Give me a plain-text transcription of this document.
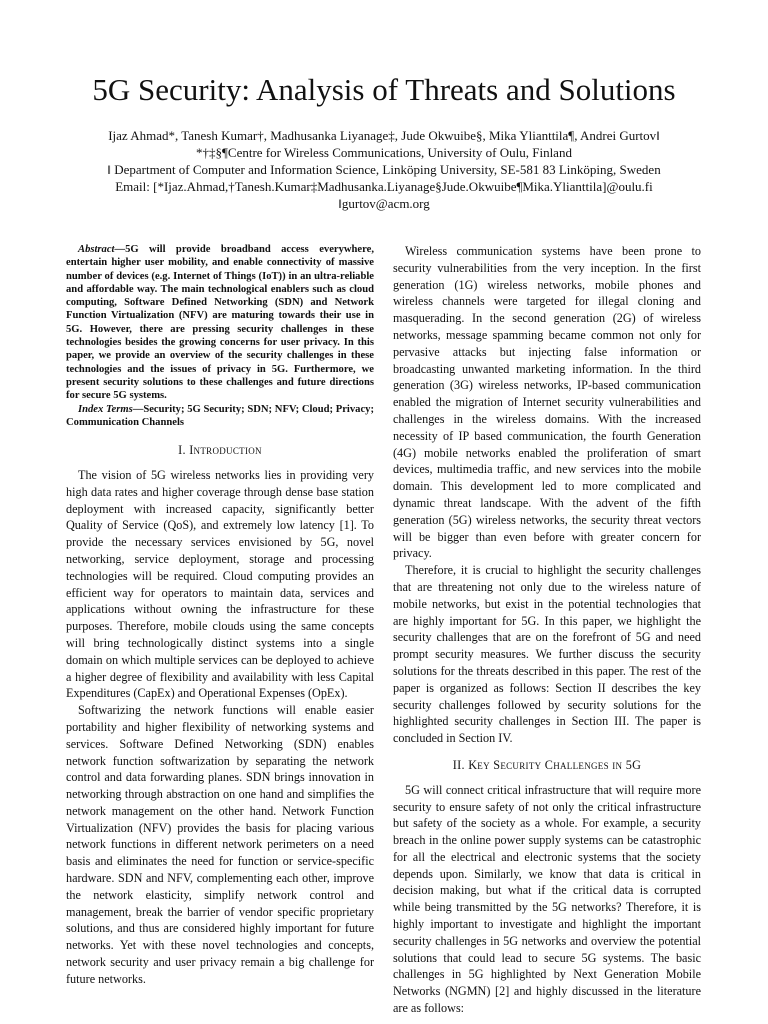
5G Security: Analysis of Threats and Solutions
Ijaz Ahmad*, Tanesh Kumar†, Madhusanka Liyanage‡, Jude Okwuibe§, Mika Ylianttila¶, Andrei Gurtov‖
*†‡§¶Centre for Wireless Communications, University of Oulu, Finland
‖ Department of Computer and Information Science, Linköping University, SE-581 83 Linköping, Sweden
Email: [*Ijaz.Ahmad,†Tanesh.Kumar‡Madhusanka.Liyanage§Jude.Okwuibe¶Mika.Ylianttila]@oulu.fi
‖gurtov@acm.org

Abstract—5G will provide broadband access everywhere, entertain higher user mobility, and enable connectivity of massive number of devices (e.g. Internet of Things (IoT)) in an ultra-reliable and affordable way. The main technological enablers such as cloud computing, Software Defined Networking (SDN) and Network Function Virtualization (NFV) are maturing towards their use in 5G. However, there are pressing security challenges in these technologies besides the growing concerns for user privacy. In this paper, we provide an overview of the security challenges in these technologies and the issues of privacy in 5G. Furthermore, we present security solutions to these challenges and future directions for secure 5G systems.

Index Terms—Security; 5G Security; SDN; NFV; Cloud; Privacy; Communication Channels

I. Introduction

The vision of 5G wireless networks lies in providing very high data rates and higher coverage through dense base station deployment with increased capacity, significantly better Quality of Service (QoS), and extremely low latency [1]. To provide the necessary services envisioned by 5G, novel networking, service deployment, storage and processing technologies will be required. Cloud computing provides an efficient way for operators to maintain data, services and applications without owning the infrastructure for these purposes. Therefore, mobile clouds using the same concepts will bring technologically distinct systems into a single domain on which multiple services can be deployed to achieve a higher degree of flexibility and availability with less Capital Expenditures (CapEx) and Operational Expenses (OpEx).

Softwarizing the network functions will enable easier portability and higher flexibility of networking systems and services. Software Defined Networking (SDN) enables network function softwarization by separating the network control and data forwarding planes. SDN brings innovation in networking through abstraction on one hand and simplifies the network management on the other hand. Network Function Virtualization (NFV) provides the basis for placing various network functions in different network perimeters on a need basis and eliminates the need for function or service-specific hardware. SDN and NFV, complementing each other, improve the network elasticity, simplify network control and management, break the barrier of vendor specific proprietary solutions, and thus are considered highly important for future networks. Yet with these novel technologies and concepts, network security and user privacy remain a big challenge for future networks.

Wireless communication systems have been prone to security vulnerabilities from the very inception. In the first generation (1G) wireless networks, mobile phones and wireless channels were targeted for illegal cloning and masquerading. In the second generation (2G) of wireless networks, message spamming became common not only for pervasive attacks but injecting false information or broadcasting unwanted marketing information. In the third generation (3G) wireless networks, IP-based communication enabled the migration of Internet security vulnerabilities and challenges in the wireless domains. With the increased necessity of IP based communication, the fourth Generation (4G) mobile networks enabled the proliferation of smart devices, multimedia traffic, and new services into the mobile domain. This development led to more complicated and dynamic threat landscape. With the advent of the fifth generation (5G) wireless networks, the security threat vectors will be bigger than even before with greater concern for privacy.

Therefore, it is crucial to highlight the security challenges that are threatening not only due to the wireless nature of mobile networks, but exist in the potential technologies that are highly important for 5G. In this paper, we highlight the security challenges that are on the forefront of 5G and need prompt security measures. We further discuss the security solutions for the threats described in this paper. The rest of the paper is organized as follows: Section II describes the key security challenges followed by security solutions for the highlighted security challenges in Section III. The paper is concluded in Section IV.

II. Key Security Challenges in 5G

5G will connect critical infrastructure that will require more security to ensure safety of not only the critical infrastructure but safety of the society as a whole. For example, a security breach in the online power supply systems can be catastrophic for all the electrical and electronic systems that the society depends upon. Similarly, we know that data is critical in decision making, but what if the critical data is corrupted while being transmitted by the 5G networks? Therefore, it is highly important to investigate and highlight the important security challenges in 5G networks and overview the potential solutions that could lead to secure 5G systems. The basic challenges in 5G highlighted by Next Generation Mobile Networks (NGMN) [2] and highly discussed in the literature are as follows:
